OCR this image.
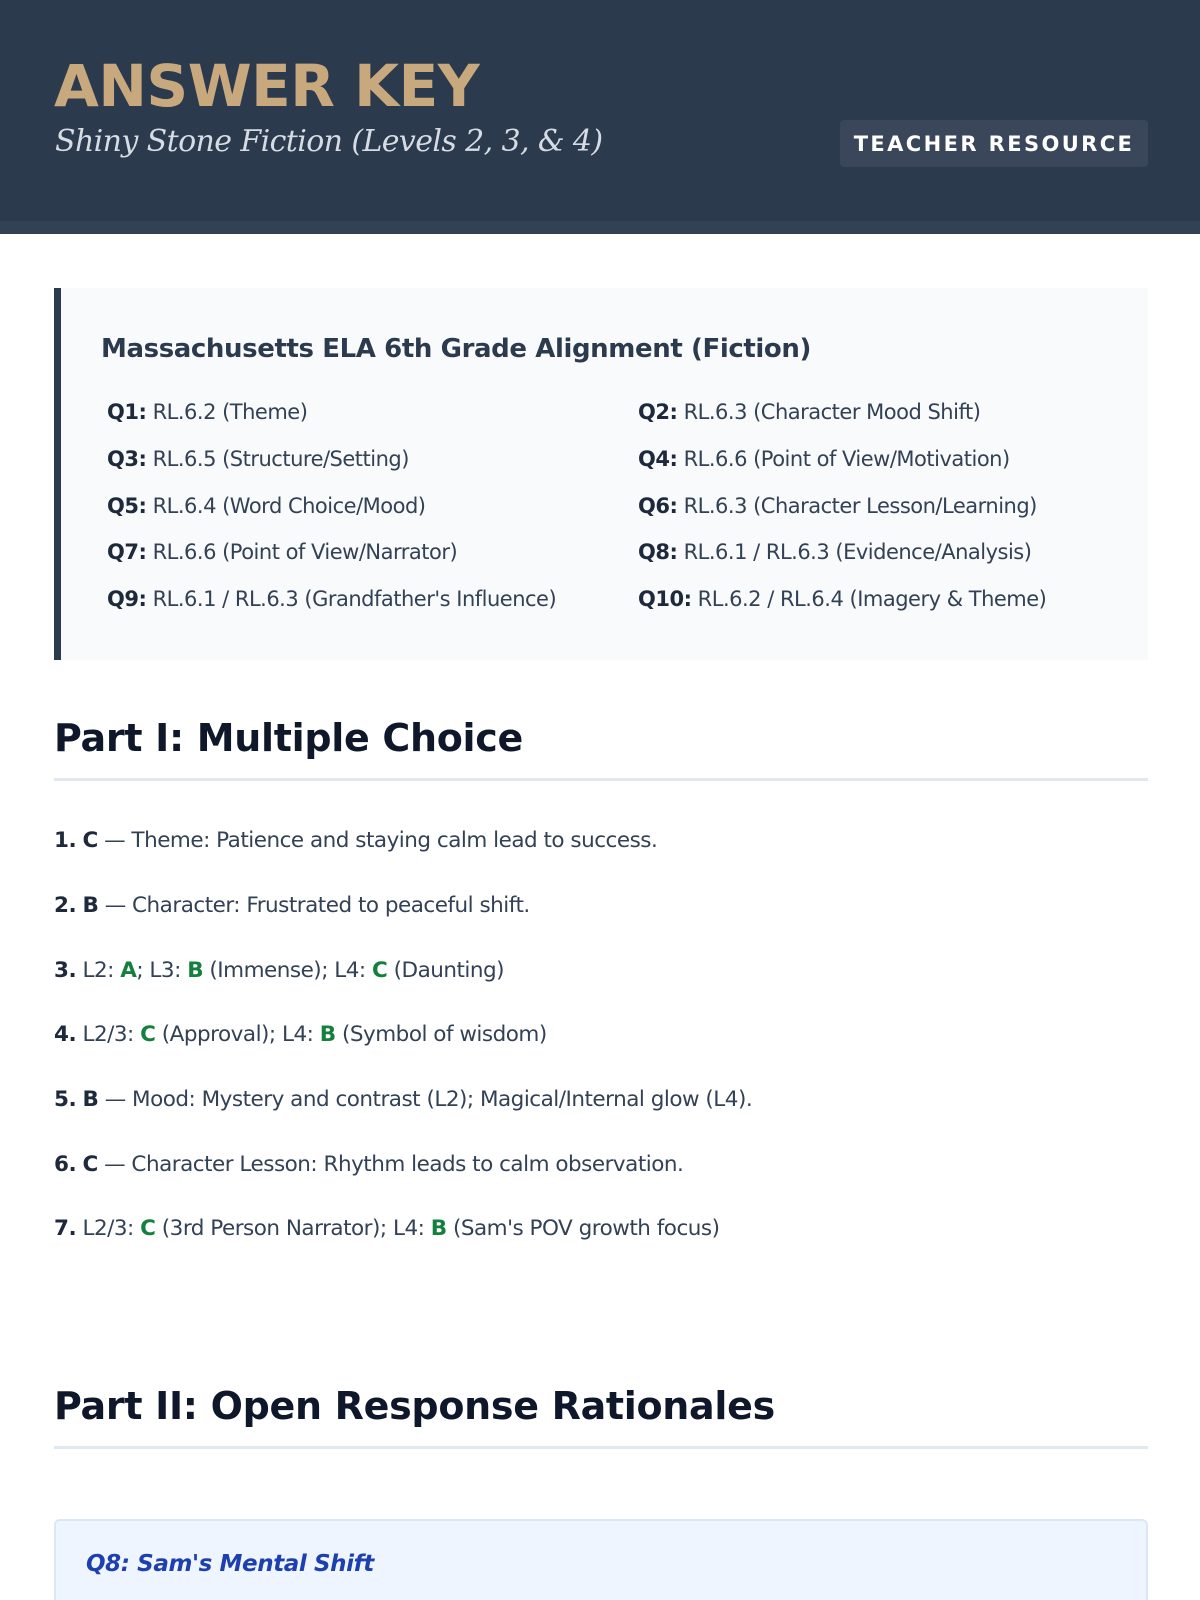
ANSWER KEY
Shiny Stone Fiction (Levels 2, 3, & 4)	TEACHER RESOURCE
Massachusetts ELA 6th Grade Alignment (Fiction)
Q1: RL.6.2 (Theme)	Q2: RL.6.3 (Character Mood Shift)
Q3: RL.6.5 (Structure/Setting)	Q4: RL.6.6 (Point of View/Motivation)
Q5: RL.6.4 (Word Choice/Mood)	Q6: RL.6.3 (Character Lesson/Learning)
Q7: RL.6.6 (Point of View/Narrator)	Q8: RL.6.1 / RL.6.3 (Evidence/Analysis)
Q9: RL.6.1 / RL.6.3 (Grandfather's Influence)	Q10: RL.6.2 / RL.6.4 (Imagery & Theme)
Part I: Multiple Choice
1. C — Theme: Patience and staying calm lead to success.
2. B — Character: Frustrated to peaceful shift.
3. L2: A; L3: B (Immense); L4: C (Daunting)
4. L2/3: C (Approval); L4: B (Symbol of wisdom)
5. B — Mood: Mystery and contrast (L2); Magical/Internal glow (L4).
6. C — Character Lesson: Rhythm leads to calm observation.
7. L2/3: C (3rd Person Narrator); L4: B (Sam's POV growth focus)
Part II: Open Response Rationales
Q8: Sam's Mental Shift
